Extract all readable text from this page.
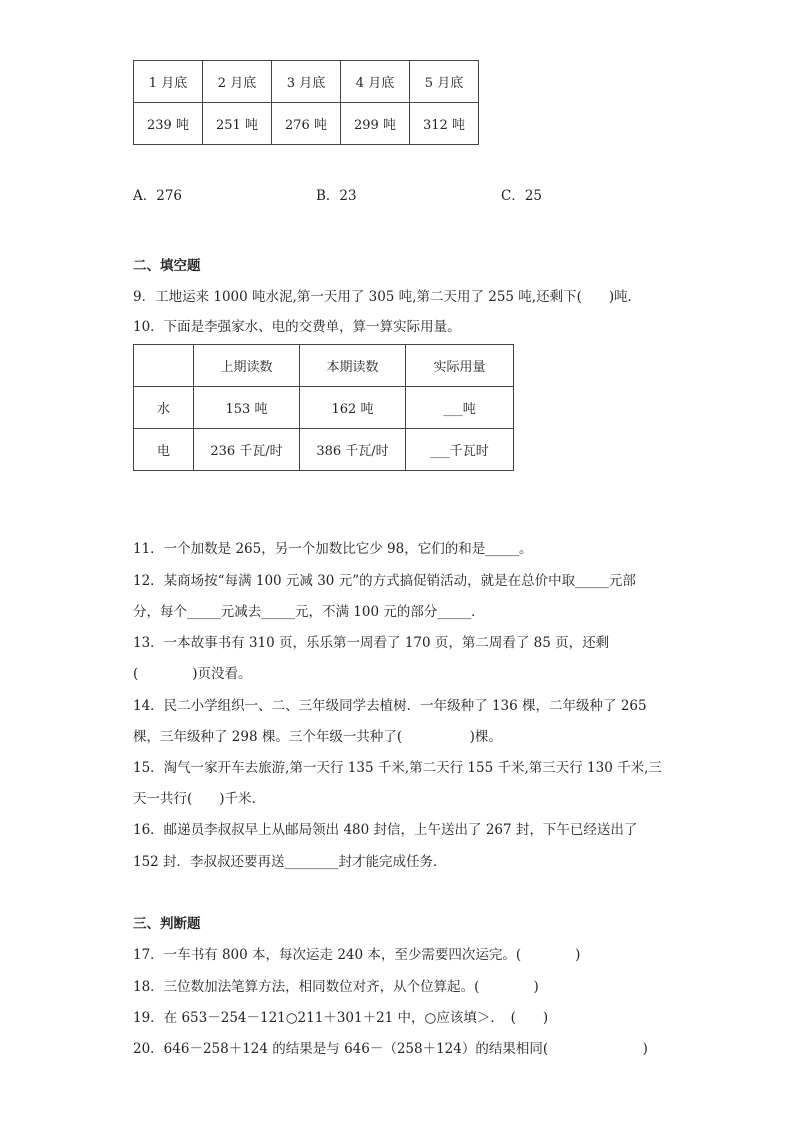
1 月底	2 月底	3 月底	4 月底	5 月底
239 吨	251 吨	276 吨	299 吨	312 吨
A．276	B．23	C．25
二、填空题
9．工地运来 1000 吨水泥,第一天用了 305 吨,第二天用了 255 吨,还剩下(　　)吨．
10．下面是李强家水、电的交费单，算一算实际用量。
	上期读数	本期读数	实际用量
水	153 吨	162 吨	___吨
电	236 千瓦/时	386 千瓦/时	___千瓦时
11．一个加数是 265，另一个加数比它少 98，它们的和是_____。
12．某商场按“每满 100 元减 30 元”的方式搞促销活动，就是在总价中取_____元部
分，每个_____元减去_____元，不满 100 元的部分_____．
13．一本故事书有 310 页，乐乐第一周看了 170 页，第二周看了 85 页，还剩
(　　　　)页没看。
14．民二小学组织一、二、三年级同学去植树．一年级种了 136 棵，二年级种了 265
棵，三年级种了 298 棵。三个年级一共种了(　　　　　)棵。
15．淘气一家开车去旅游,第一天行 135 千米,第二天行 155 千米,第三天行 130 千米,三
天一共行(　　)千米．
16．邮递员李叔叔早上从邮局领出 480 封信，上午送出了 267 封，下午已经送出了
152 封．李叔叔还要再送________封才能完成任务．
三、判断题
17．一车书有 800 本，每次运走 240 本，至少需要四次运完。(　　　　)
18．三位数加法笔算方法，相同数位对齐，从个位算起。(　　　　)
19．在 653－254－121○211＋301＋21 中，○应该填＞．　(　　)
20．646－258＋124 的结果是与 646－（258＋124）的结果相同(　　　　　　　)
